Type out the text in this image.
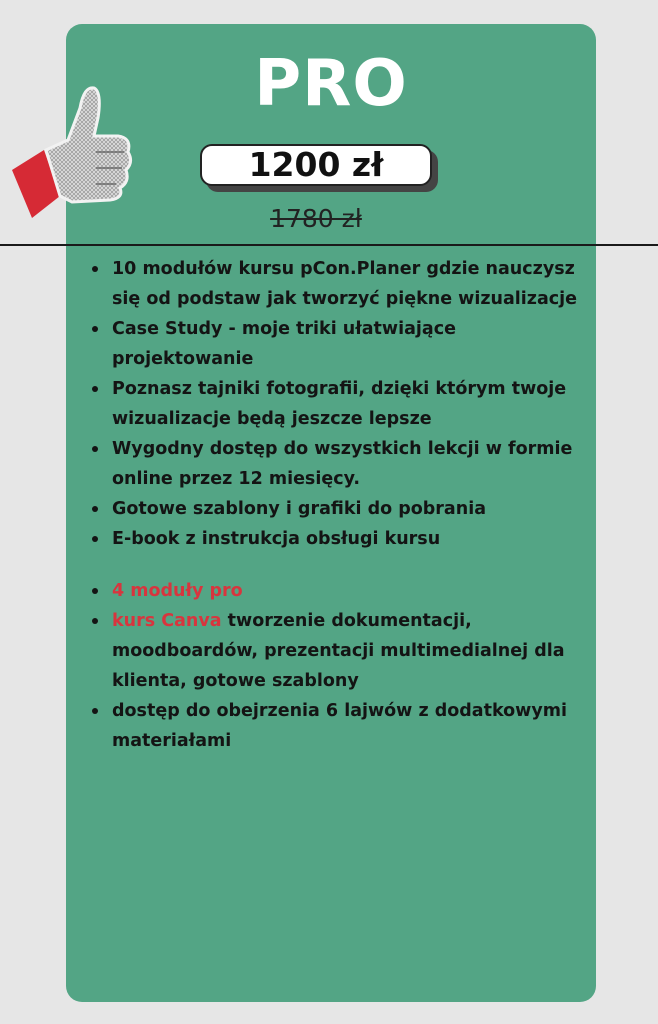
PRO
1200 zł
1780 zł
10 modułów kursu pCon.Planer gdzie nauczysz się od podstaw jak tworzyć piękne wizualizacje
Case Study - moje triki ułatwiające projektowanie
Poznasz tajniki fotografii, dzięki którym twoje wizualizacje będą jeszcze lepsze
Wygodny dostęp do wszystkich lekcji w formie online przez 12 miesięcy.
Gotowe szablony i grafiki do pobrania
E-book z instrukcja obsługi kursu
4 moduły pro
kurs Canva tworzenie dokumentacji, moodboardów, prezentacji multimedialnej dla klienta, gotowe szablony
dostęp do obejrzenia 6 lajwów z dodatkowymi materiałami
